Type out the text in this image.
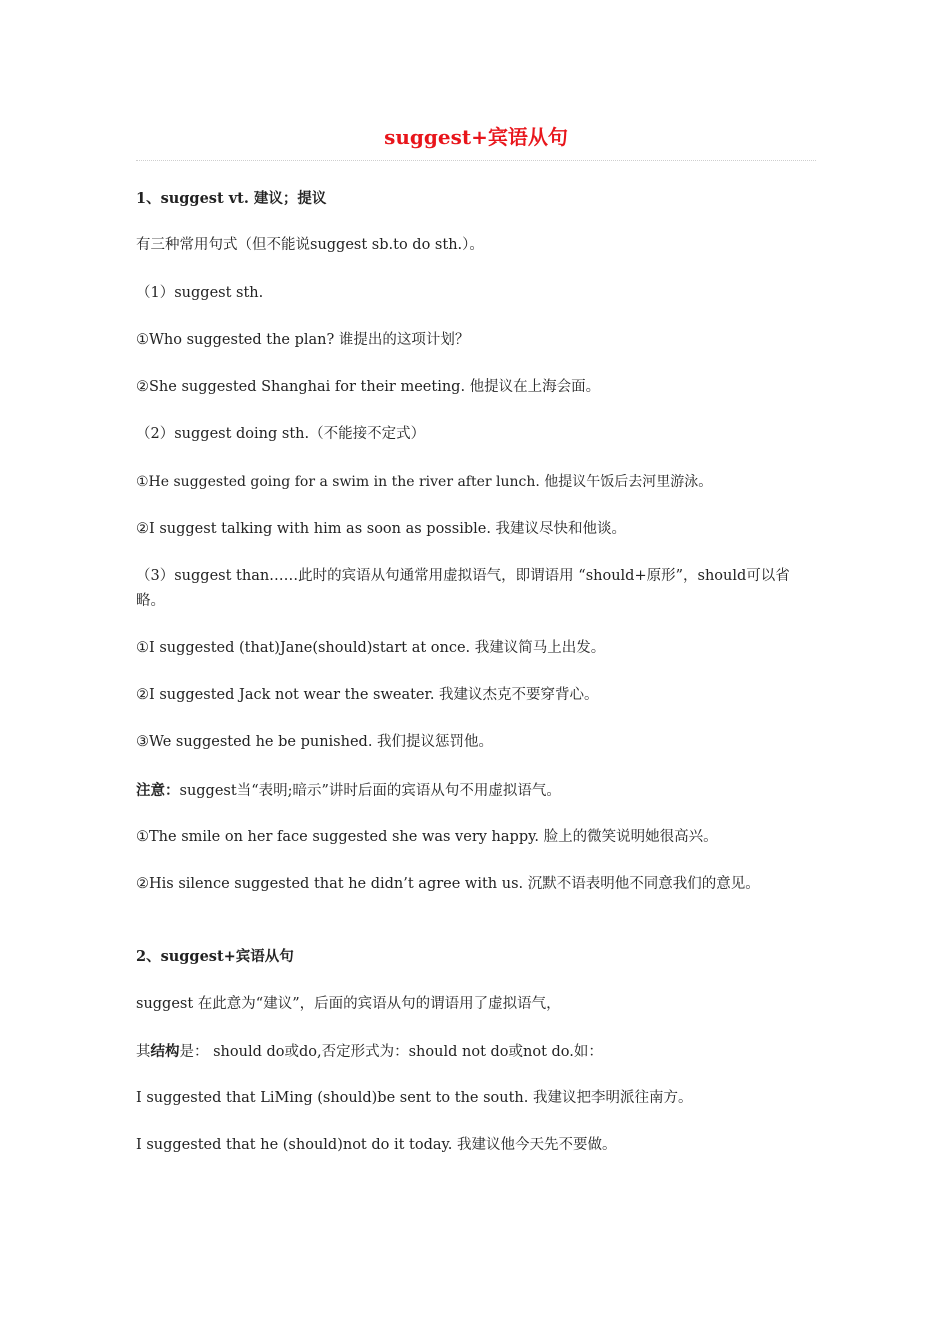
suggest+宾语从句
1、suggest vt. 建议；提议
有三种常用句式（但不能说suggest sb.to do sth.）。
（1）suggest sth.
①Who suggested the plan? 谁提出的这项计划？
②She suggested Shanghai for their meeting. 他提议在上海会面。
（2）suggest doing sth.（不能接不定式）
①He suggested going for a swim in the river after lunch. 他提议午饭后去河里游泳。
②I suggest talking with him as soon as possible. 我建议尽快和他谈。
（3）suggest than……此时的宾语从句通常用虚拟语气，即谓语用 “should+原形”，should可以省略。
①I suggested (that)Jane(should)start at once. 我建议简马上出发。
②I suggested Jack not wear the sweater. 我建议杰克不要穿背心。
③We suggested he be punished. 我们提议惩罚他。
注意：suggest当“表明;暗示”讲时后面的宾语从句不用虚拟语气。
①The smile on her face suggested she was very happy. 脸上的微笑说明她很高兴。
②His silence suggested that he didn’t agree with us. 沉默不语表明他不同意我们的意见。
2、suggest+宾语从句
suggest 在此意为“建议”，后面的宾语从句的谓语用了虚拟语气，
其结构是： should do或do,否定形式为：should not do或not do.如：
I suggested that LiMing (should)be sent to the south. 我建议把李明派往南方。
I suggested that he (should)not do it today. 我建议他今天先不要做。
